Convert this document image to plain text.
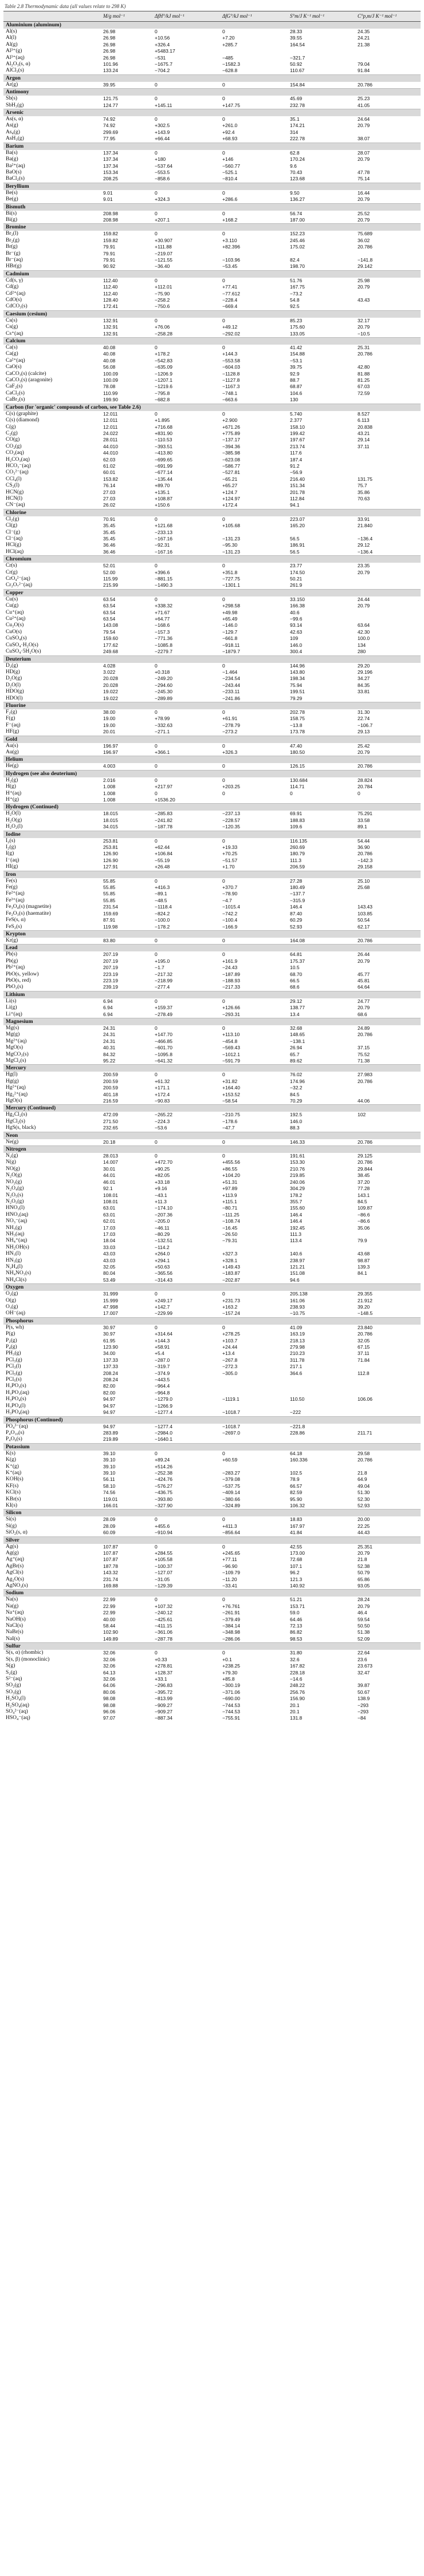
Table 2.8 Thermodynamic data (all values relate to 298 K)
	M/g mol⁻¹	ΔfH°/kJ mol⁻¹	ΔfG°/kJ mol⁻¹	S°m/J K⁻¹ mol⁻¹	C°p,m/J K⁻¹ mol⁻¹
Aluminium (aluminum)					
Al(s)	26.98	0	0	28.33	24.35
Al(l)	26.98	+10.56	+7.20	39.55	24.21
Al(g)	26.98	+326.4	+285.7	164.54	21.38
Al³⁺(g)	26.98	+5483.17			
Al³⁺(aq)	26.98	−531	−485	−321.7	
Al₂O₃(s, α)	101.96	−1675.7	−1582.3	50.92	79.04
AlCl₃(s)	133.24	−704.2	−628.8	110.67	91.84
Argon					
Ar(g)	39.95	0	0	154.84	20.786
Antimony					
Sb(s)	121.75	0	0	45.69	25.23
SbH₃(g)	124.77	+145.11	+147.75	232.78	41.05
Arsenic					
As(s, α)	74.92	0	0	35.1	24.64
As(g)	74.92	+302.5	+261.0	174.21	20.79
As₄(g)	299.69	+143.9	+92.4	314	
AsH₃(g)	77.95	+66.44	+68.93	222.78	38.07
Barium					
Ba(s)	137.34	0	0	62.8	28.07
Ba(g)	137.34	+180	+146	170.24	20.79
Ba²⁺(aq)	137.34	−537.64	−560.77	9.6	
BaO(s)	153.34	−553.5	−525.1	70.43	47.78
BaCl₂(s)	208.25	−858.6	−810.4	123.68	75.14
Beryllium					
Be(s)	9.01	0	0	9.50	16.44
Be(g)	9.01	+324.3	+286.6	136.27	20.79
Bismuth					
Bi(s)	208.98	0	0	56.74	25.52
Bi(g)	208.98	+207.1	+168.2	187.00	20.79
Bromine					
Br₂(l)	159.82	0	0	152.23	75.689
Br₂(g)	159.82	+30.907	+3.110	245.46	36.02
Br(g)	79.91	+111.88	+82.396	175.02	20.786
Br⁻(g)	79.91	−219.07			
Br⁻(aq)	79.91	−121.55	−103.96	82.4	−141.8
HBr(g)	90.92	−36.40	−53.45	198.70	29.142
Cadmium					
Cd(s, γ)	112.40	0	0	51.76	25.98
Cd(g)	112.40	+112.01	+77.41	167.75	20.79
Cd²⁺(aq)	112.40	−75.90	−77.612	−73.2	
CdO(s)	128.40	−258.2	−228.4	54.8	43.43
CdCO₃(s)	172.41	−750.6	−669.4	92.5	
Caesium (cesium)					
Cs(s)	132.91	0	0	85.23	32.17
Cs(g)	132.91	+76.06	+49.12	175.60	20.79
Cs⁺(aq)	132.91	−258.28	−292.02	133.05	−10.5
Calcium					
Ca(s)	40.08	0	0	41.42	25.31
Ca(g)	40.08	+178.2	+144.3	154.88	20.786
Ca²⁺(aq)	40.08	−542.83	−553.58	−53.1	
CaO(s)	56.08	−635.09	−604.03	39.75	42.80
CaCO₃(s) (calcite)	100.09	−1206.9	−1128.8	92.9	81.88
CaCO₃(s) (aragonite)	100.09	−1207.1	−1127.8	88.7	81.25
CaF₂(s)	78.08	−1219.6	−1167.3	68.87	67.03
CaCl₂(s)	110.99	−795.8	−748.1	104.6	72.59
CaBr₂(s)	199.90	−682.8	−663.6	130	
Carbon (for 'organic' compounds of carbon, see Table 2.6)					
C(s) (graphite)	12.011	0	0	5.740	8.527
C(s) (diamond)	12.011	+1.895	+2.900	2.377	6.113
C(g)	12.011	+716.68	+671.26	158.10	20.838
C₂(g)	24.022	+831.90	+775.89	199.42	43.21
CO(g)	28.011	−110.53	−137.17	197.67	29.14
CO₂(g)	44.010	−393.51	−394.36	213.74	37.11
CO₂(aq)	44.010	−413.80	−385.98	117.6	
H₂CO₃(aq)	62.03	−699.65	−623.08	187.4	
HCO₃⁻(aq)	61.02	−691.99	−586.77	91.2	
CO₃²⁻(aq)	60.01	−677.14	−527.81	−56.9	
CCl₄(l)	153.82	−135.44	−65.21	216.40	131.75
CS₂(l)	76.14	+89.70	+65.27	151.34	75.7
HCN(g)	27.03	+135.1	+124.7	201.78	35.86
HCN(l)	27.03	+108.87	+124.97	112.84	70.63
CN⁻(aq)	26.02	+150.6	+172.4	94.1	
Chlorine					
Cl₂(g)	70.91	0	0	223.07	33.91
Cl(g)	35.45	+121.68	+105.68	165.20	21.840
Cl⁻(g)	35.45	−233.13			
Cl⁻(aq)	35.45	−167.16	−131.23	56.5	−136.4
HCl(g)	36.46	−92.31	−95.30	186.91	29.12
HCl(aq)	36.46	−167.16	−131.23	56.5	−136.4
Chromium					
Cr(s)	52.01	0	0	23.77	23.35
Cr(g)	52.00	+396.6	+351.8	174.50	20.79
CrO₄²⁻(aq)	115.99	−881.15	−727.75	50.21	
Cr₂O₇²⁻(aq)	215.99	−1490.3	−1301.1	261.9	
Copper					
Cu(s)	63.54	0	0	33.150	24.44
Cu(g)	63.54	+338.32	+298.58	166.38	20.79
Cu⁺(aq)	63.54	+71.67	+49.98	40.6	
Cu²⁺(aq)	63.54	+64.77	+65.49	−99.6	
Cu₂O(s)	143.08	−168.6	−146.0	93.14	63.64
CuO(s)	79.54	−157.3	−129.7	42.63	42.30
CuSO₄(s)	159.60	−771.36	−661.8	109	100.0
CuSO₄·H₂O(s)	177.62	−1085.8	−918.11	146.0	134
CuSO₄·5H₂O(s)	249.68	−2279.7	−1879.7	300.4	280
Deuterium					
D₂(g)	4.028	0	0	144.96	29.20
HD(g)	3.022	+0.318	−1.464	143.80	29.196
D₂O(g)	20.028	−249.20	−234.54	198.34	34.27
D₂O(l)	20.028	−294.60	−243.44	75.94	84.35
HDO(g)	19.022	−245.30	−233.11	199.51	33.81
HDO(l)	19.022	−289.89	−241.86	79.29	
Fluorine					
F₂(g)	38.00	0	0	202.78	31.30
F(g)	19.00	+78.99	+61.91	158.75	22.74
F⁻(aq)	19.00	−332.63	−278.79	−13.8	−106.7
HF(g)	20.01	−271.1	−273.2	173.78	29.13
Gold					
Au(s)	196.97	0	0	47.40	25.42
Au(g)	196.97	+366.1	+326.3	180.50	20.79
Helium					
He(g)	4.003	0	0	126.15	20.786
Hydrogen (see also deuterium)					
H₂(g)	2.016	0	0	130.684	28.824
H(g)	1.008	+217.97	+203.25	114.71	20.784
H⁺(aq)	1.008	0	0	0	0
H⁺(g)	1.008	+1536.20			
Hydrogen (Continued)					
H₂O(l)	18.015	−285.83	−237.13	69.91	75.291
H₂O(g)	18.015	−241.82	−228.57	188.83	33.58
H₂O₂(l)	34.015	−187.78	−120.35	109.6	89.1
Iodine					
I₂(s)	253.81	0	0	116.135	54.44
I₂(g)	253.81	+62.44	+19.33	260.69	36.90
I(g)	126.90	+106.84	+70.25	180.79	20.786
I⁻(aq)	126.90	−55.19	−51.57	111.3	−142.3
HI(g)	127.91	+26.48	+1.70	206.59	29.158
Iron					
Fe(s)	55.85	0	0	27.28	25.10
Fe(g)	55.85	+416.3	+370.7	180.49	25.68
Fe²⁺(aq)	55.85	−89.1	−78.90	−137.7	
Fe³⁺(aq)	55.85	−48.5	−4.7	−315.9	
Fe₃O₄(s) (magnetite)	231.54	−1118.4	−1015.4	146.4	143.43
Fe₂O₃(s) (haematite)	159.69	−824.2	−742.2	87.40	103.85
FeS(s, α)	87.91	−100.0	−100.4	60.29	50.54
FeS₂(s)	119.98	−178.2	−166.9	52.93	62.17
Krypton					
Kr(g)	83.80	0	0	164.08	20.786
Lead					
Pb(s)	207.19	0	0	64.81	26.44
Pb(g)	207.19	+195.0	+161.9	175.37	20.79
Pb²⁺(aq)	207.19	−1.7	−24.43	10.5	
PbO(s, yellow)	223.19	−217.32	−187.89	68.70	45.77
PbO(s, red)	223.19	−218.99	−188.93	66.5	45.81
PbO₂(s)	239.19	−277.4	−217.33	68.6	64.64
Lithium					
Li(s)	6.94	0	0	29.12	24.77
Li(g)	6.94	+159.37	+126.66	138.77	20.79
Li⁺(aq)	6.94	−278.49	−293.31	13.4	68.6
Magnesium					
Mg(s)	24.31	0	0	32.68	24.89
Mg(g)	24.31	+147.70	+113.10	148.65	20.786
Mg²⁺(aq)	24.31	−466.85	−454.8	−138.1	
MgO(s)	40.31	−601.70	−569.43	26.94	37.15
MgCO₃(s)	84.32	−1095.8	−1012.1	65.7	75.52
MgCl₂(s)	95.22	−641.32	−591.79	89.62	71.38
Mercury					
Hg(l)	200.59	0	0	76.02	27.983
Hg(g)	200.59	+61.32	+31.82	174.96	20.786
Hg²⁺(aq)	200.59	+171.1	+164.40	−32.2	
Hg₂²⁺(aq)	401.18	+172.4	+153.52	84.5	
HgO(s)	216.59	−90.83	−58.54	70.29	44.06
Mercury (Continued)					
Hg₂Cl₂(s)	472.09	−265.22	−210.75	192.5	102
HgCl₂(s)	271.50	−224.3	−178.6	146.0	
HgS(s, black)	232.65	−53.6	−47.7	88.3	
Neon					
Ne(g)	20.18	0	0	146.33	20.786
Nitrogen					
N₂(g)	28.013	0	0	191.61	29.125
N(g)	14.007	+472.70	+455.56	153.30	20.786
NO(g)	30.01	+90.25	+86.55	210.76	29.844
N₂O(g)	44.01	+82.05	+104.20	219.85	38.45
NO₂(g)	46.01	+33.18	+51.31	240.06	37.20
N₂O₄(g)	92.1	+9.16	+97.89	304.29	77.28
N₂O₅(s)	108.01	−43.1	+113.9	178.2	143.1
N₂O₅(g)	108.01	+11.3	+115.1	355.7	84.5
HNO₃(l)	63.01	−174.10	−80.71	155.60	109.87
HNO₃(aq)	63.01	−207.36	−111.25	146.4	−86.6
NO₃⁻(aq)	62.01	−205.0	−108.74	146.4	−86.6
NH₃(g)	17.03	−46.11	−16.45	192.45	35.06
NH₃(aq)	17.03	−80.29	−26.50	111.3	
NH₄⁺(aq)	18.04	−132.51	−79.31	113.4	79.9
NH₂OH(s)	33.03	−114.2			
HN₃(l)	43.03	+264.0	+327.3	140.6	43.68
HN₃(g)	43.03	+294.1	+328.1	238.97	98.87
N₂H₄(l)	32.05	+50.63	+149.43	121.21	139.3
NH₄NO₃(s)	80.04	−365.56	−183.87	151.08	84.1
NH₄Cl(s)	53.49	−314.43	−202.87	94.6	
Oxygen					
O₂(g)	31.999	0	0	205.138	29.355
O(g)	15.999	+249.17	+231.73	161.06	21.912
O₃(g)	47.998	+142.7	+163.2	238.93	39.20
OH⁻(aq)	17.007	−229.99	−157.24	−10.75	−148.5
Phosphorus					
P(s, wh)	30.97	0	0	41.09	23.840
P(g)	30.97	+314.64	+278.25	163.19	20.786
P₂(g)	61.95	+144.3	+103.7	218.13	32.05
P₄(g)	123.90	+58.91	+24.44	279.98	67.15
PH₃(g)	34.00	+5.4	+13.4	210.23	37.11
PCl₃(g)	137.33	−287.0	−267.8	311.78	71.84
PCl₃(l)	137.33	−319.7	−272.3	217.1	
PCl₅(g)	208.24	−374.9	−305.0	364.6	112.8
PCl₅(s)	208.24	−443.5			
H₃PO₃(s)	82.00	−964.4			
H₃PO₃(aq)	82.00	−964.8			
H₃PO₄(s)	94.97	−1279.0	−1119.1	110.50	106.06
H₃PO₄(l)	94.97	−1266.9			
H₃PO₄(aq)	94.97	−1277.4	−1018.7	−222	
Phosphorus (Continued)					
PO₄³⁻(aq)	94.97	−1277.4	−1018.7	−221.8	
P₄O₁₀(s)	283.89	−2984.0	−2697.0	228.86	211.71
P₄O₆(s)	219.89	−1640.1			
Potassium					
K(s)	39.10	0	0	64.18	29.58
K(g)	39.10	+89.24	+60.59	160.336	20.786
K⁺(g)	39.10	+514.26			
K⁺(aq)	39.10	−252.38	−283.27	102.5	21.8
KOH(s)	56.11	−424.76	−379.08	78.9	64.9
KF(s)	58.10	−576.27	−537.75	66.57	49.04
KCl(s)	74.56	−436.75	−409.14	82.59	51.30
KBr(s)	119.01	−393.80	−380.66	95.90	52.30
KI(s)	166.01	−327.90	−324.89	106.32	52.93
Silicon					
Si(s)	28.09	0	0	18.83	20.00
Si(g)	28.09	+455.6	+411.3	167.97	22.25
SiO₂(s, α)	60.09	−910.94	−856.64	41.84	44.43
Silver					
Ag(s)	107.87	0	0	42.55	25.351
Ag(g)	107.87	+284.55	+245.65	173.00	20.79
Ag⁺(aq)	107.87	+105.58	+77.11	72.68	21.8
AgBr(s)	187.78	−100.37	−96.90	107.1	52.38
AgCl(s)	143.32	−127.07	−109.79	96.2	50.79
Ag₂O(s)	231.74	−31.05	−11.20	121.3	65.86
AgNO₃(s)	169.88	−129.39	−33.41	140.92	93.05
Sodium					
Na(s)	22.99	0	0	51.21	28.24
Na(g)	22.99	+107.32	+76.761	153.71	20.79
Na⁺(aq)	22.99	−240.12	−261.91	59.0	46.4
NaOH(s)	40.00	−425.61	−379.49	64.46	59.54
NaCl(s)	58.44	−411.15	−384.14	72.13	50.50
NaBr(s)	102.90	−361.06	−348.98	86.82	51.38
NaI(s)	149.89	−287.78	−286.06	98.53	52.09
Sulfur					
S(s, α) (rhombic)	32.06	0	0	31.80	22.64
S(s, β) (monoclinic)	32.06	+0.33	+0.1	32.6	23.6
S(g)	32.06	+278.81	+238.25	167.82	23.673
S₂(g)	64.13	+128.37	+79.30	228.18	32.47
S²⁻(aq)	32.06	+33.1	+85.8	−14.6	
SO₂(g)	64.06	−296.83	−300.19	248.22	39.87
SO₃(g)	80.06	−395.72	−371.06	256.76	50.67
H₂SO₄(l)	98.08	−813.99	−690.00	156.90	138.9
H₂SO₄(aq)	98.08	−909.27	−744.53	20.1	−293
SO₄²⁻(aq)	96.06	−909.27	−744.53	20.1	−293
HSO₄⁻(aq)	97.07	−887.34	−755.91	131.8	−84
